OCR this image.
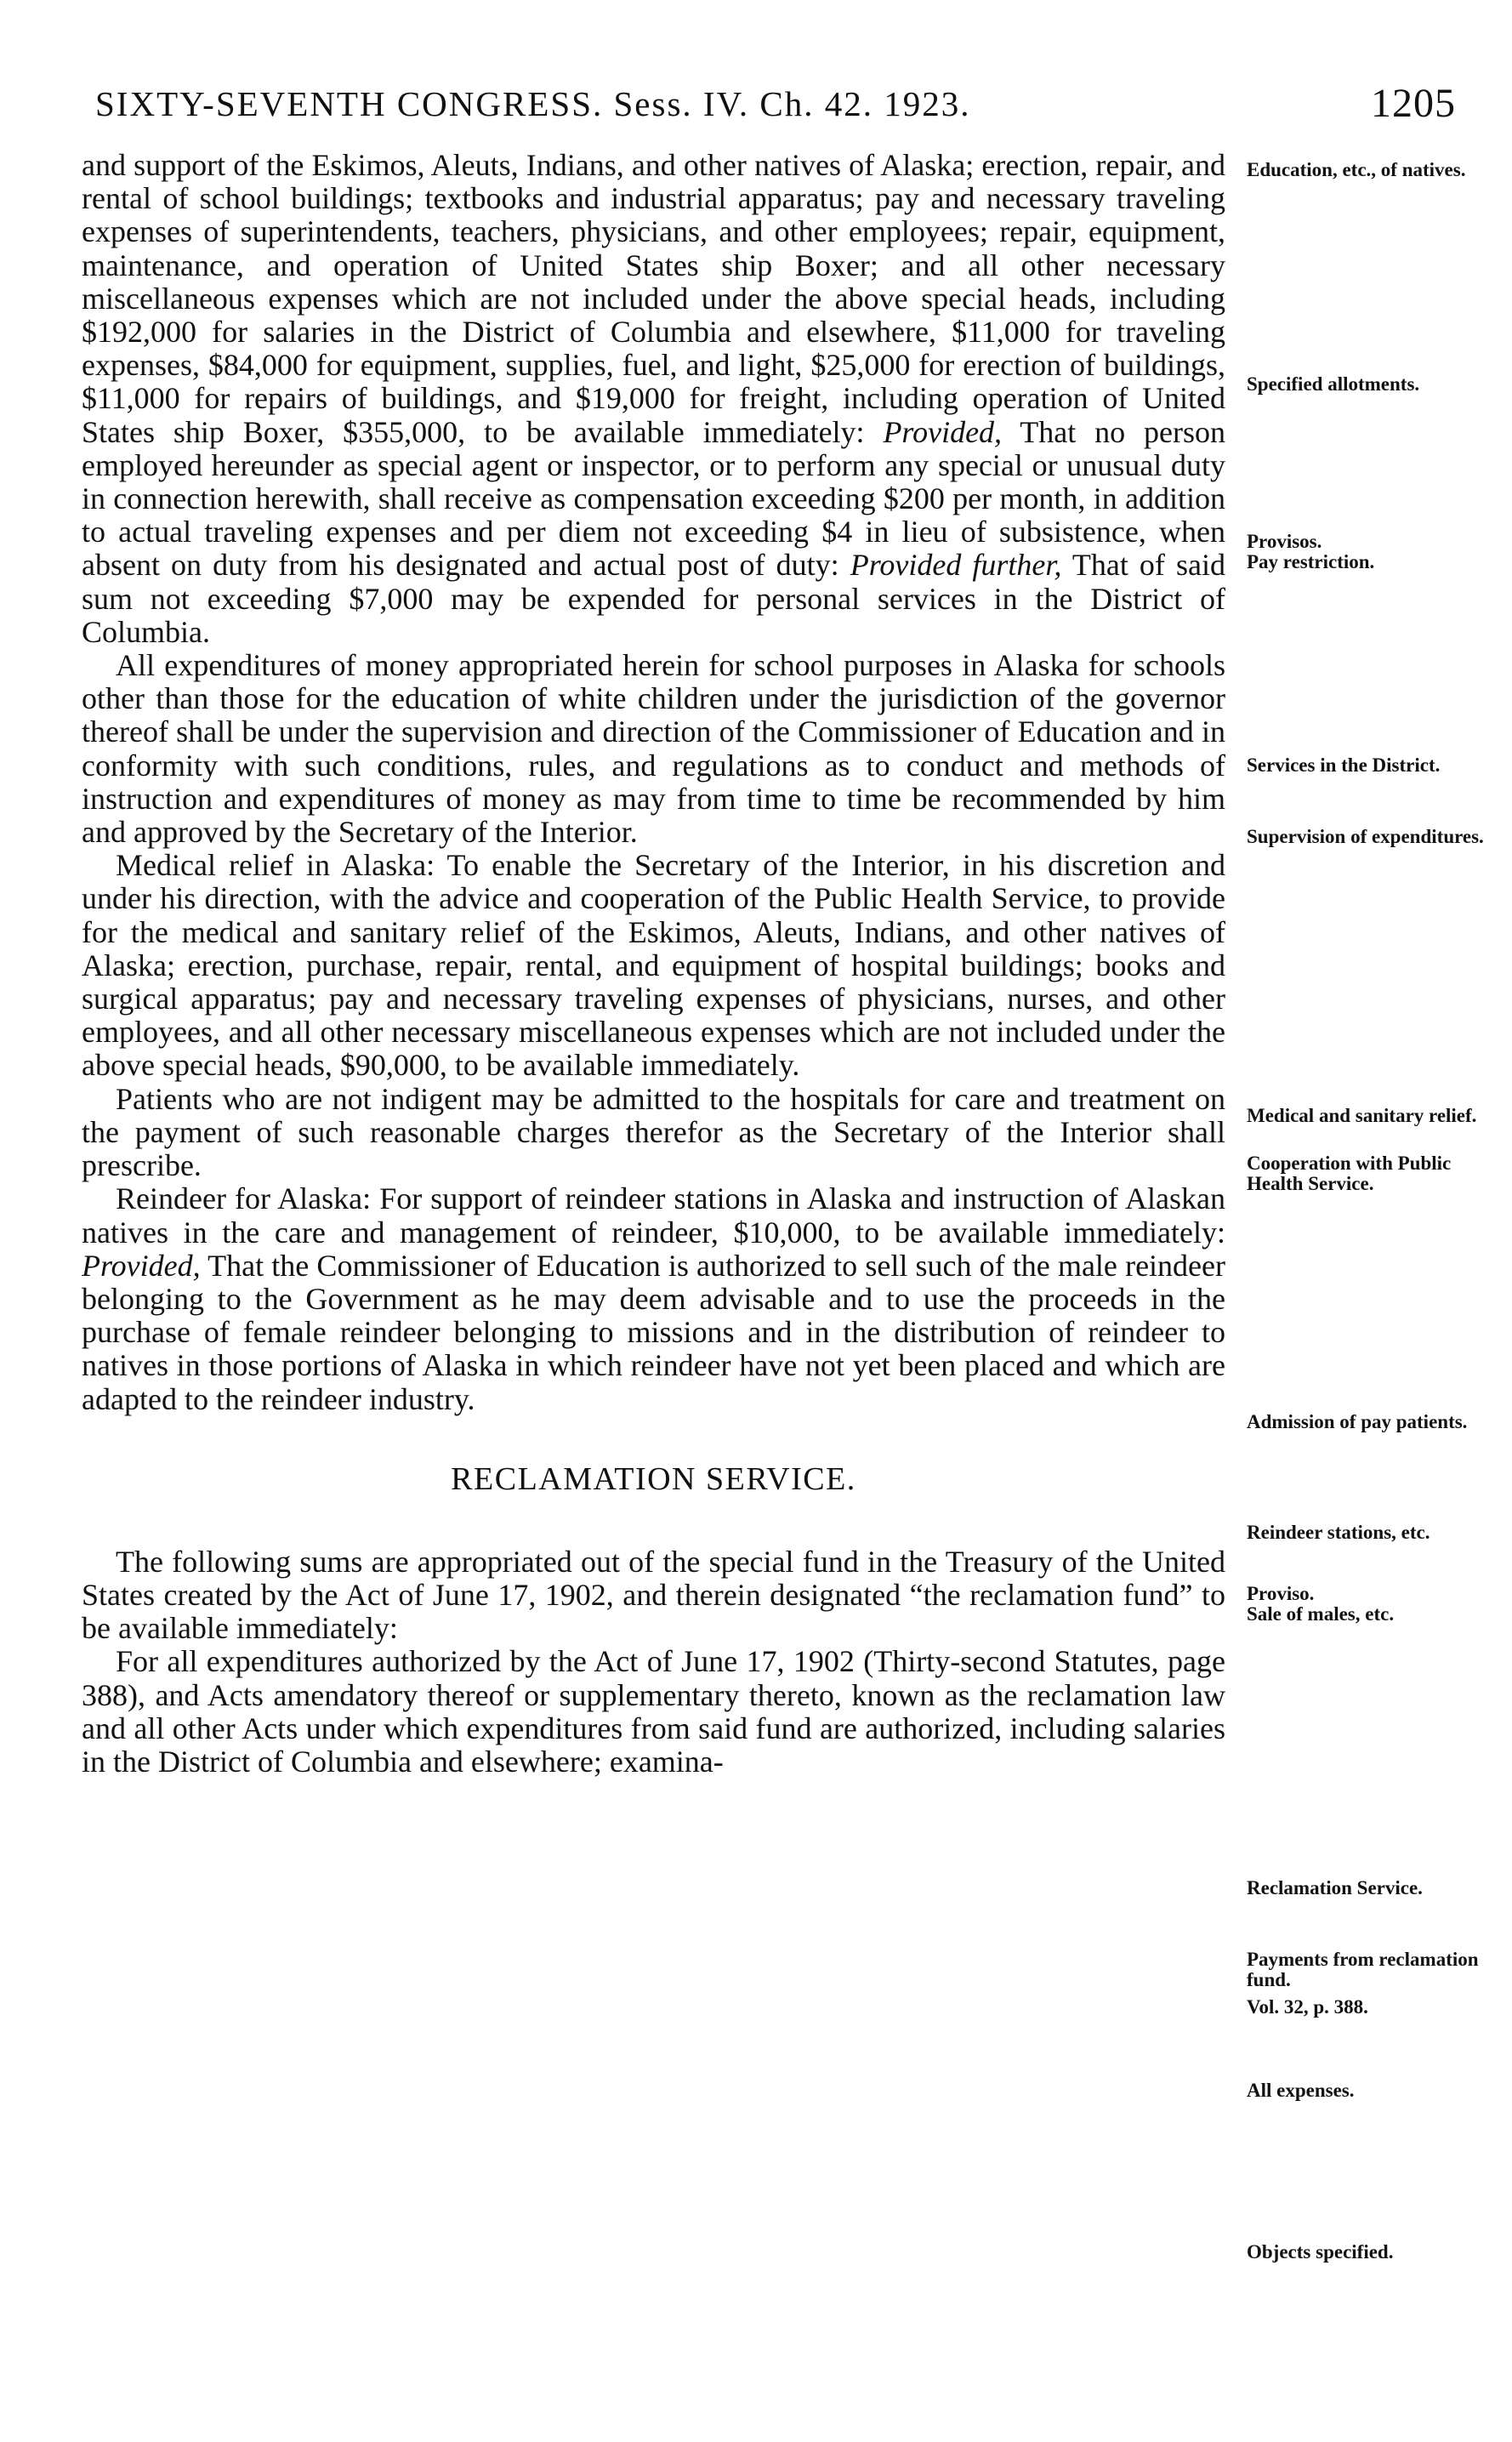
SIXTY-SEVENTH CONGRESS. Sess. IV. Ch. 42. 1923.	1205

and support of the Eskimos, Aleuts, Indians, and other natives of Alaska; erection, repair, and rental of school buildings; textbooks and industrial apparatus; pay and necessary traveling expenses of superintendents, teachers, physicians, and other employees; repair, equipment, maintenance, and operation of United States ship Boxer; and all other necessary miscellaneous expenses which are not included under the above special heads, including $192,000 for salaries in the District of Columbia and elsewhere, $11,000 for traveling expenses, $84,000 for equipment, supplies, fuel, and light, $25,000 for erection of buildings, $11,000 for repairs of buildings, and $19,000 for freight, including operation of United States ship Boxer, $355,000, to be available immediately: Provided, That no person employed hereunder as special agent or inspector, or to perform any special or unusual duty in connection herewith, shall receive as compensation exceeding $200 per month, in addition to actual traveling expenses and per diem not exceeding $4 in lieu of subsistence, when absent on duty from his designated and actual post of duty: Provided further, That of said sum not exceeding $7,000 may be expended for personal services in the District of Columbia.

All expenditures of money appropriated herein for school purposes in Alaska for schools other than those for the education of white children under the jurisdiction of the governor thereof shall be under the supervision and direction of the Commissioner of Education and in conformity with such conditions, rules, and regulations as to conduct and methods of instruction and expenditures of money as may from time to time be recommended by him and approved by the Secretary of the Interior.

Medical relief in Alaska: To enable the Secretary of the Interior, in his discretion and under his direction, with the advice and cooperation of the Public Health Service, to provide for the medical and sanitary relief of the Eskimos, Aleuts, Indians, and other natives of Alaska; erection, purchase, repair, rental, and equipment of hospital buildings; books and surgical apparatus; pay and necessary traveling expenses of physicians, nurses, and other employees, and all other necessary miscellaneous expenses which are not included under the above special heads, $90,000, to be available immediately.

Patients who are not indigent may be admitted to the hospitals for care and treatment on the payment of such reasonable charges therefor as the Secretary of the Interior shall prescribe.

Reindeer for Alaska: For support of reindeer stations in Alaska and instruction of Alaskan natives in the care and management of reindeer, $10,000, to be available immediately: Provided, That the Commissioner of Education is authorized to sell such of the male reindeer belonging to the Government as he may deem advisable and to use the proceeds in the purchase of female reindeer belonging to missions and in the distribution of reindeer to natives in those portions of Alaska in which reindeer have not yet been placed and which are adapted to the reindeer industry.

RECLAMATION SERVICE.

The following sums are appropriated out of the special fund in the Treasury of the United States created by the Act of June 17, 1902, and therein designated “the reclamation fund” to be available immediately:

For all expenditures authorized by the Act of June 17, 1902 (Thirty-second Statutes, page 388), and Acts amendatory thereof or supplementary thereto, known as the reclamation law and all other Acts under which expenditures from said fund are authorized, including salaries in the District of Columbia and elsewhere; examina-

Education, etc., of natives.
Specified allotments.
Provisos.
Pay restriction.
Services in the District.
Supervision of expenditures.
Medical and sanitary relief.
Cooperation with Public Health Service.
Admission of pay patients.
Reindeer stations, etc.
Proviso.
Sale of males, etc.
Reclamation Service.
Payments from reclamation fund.
Vol. 32, p. 388.
All expenses.
Objects specified.
